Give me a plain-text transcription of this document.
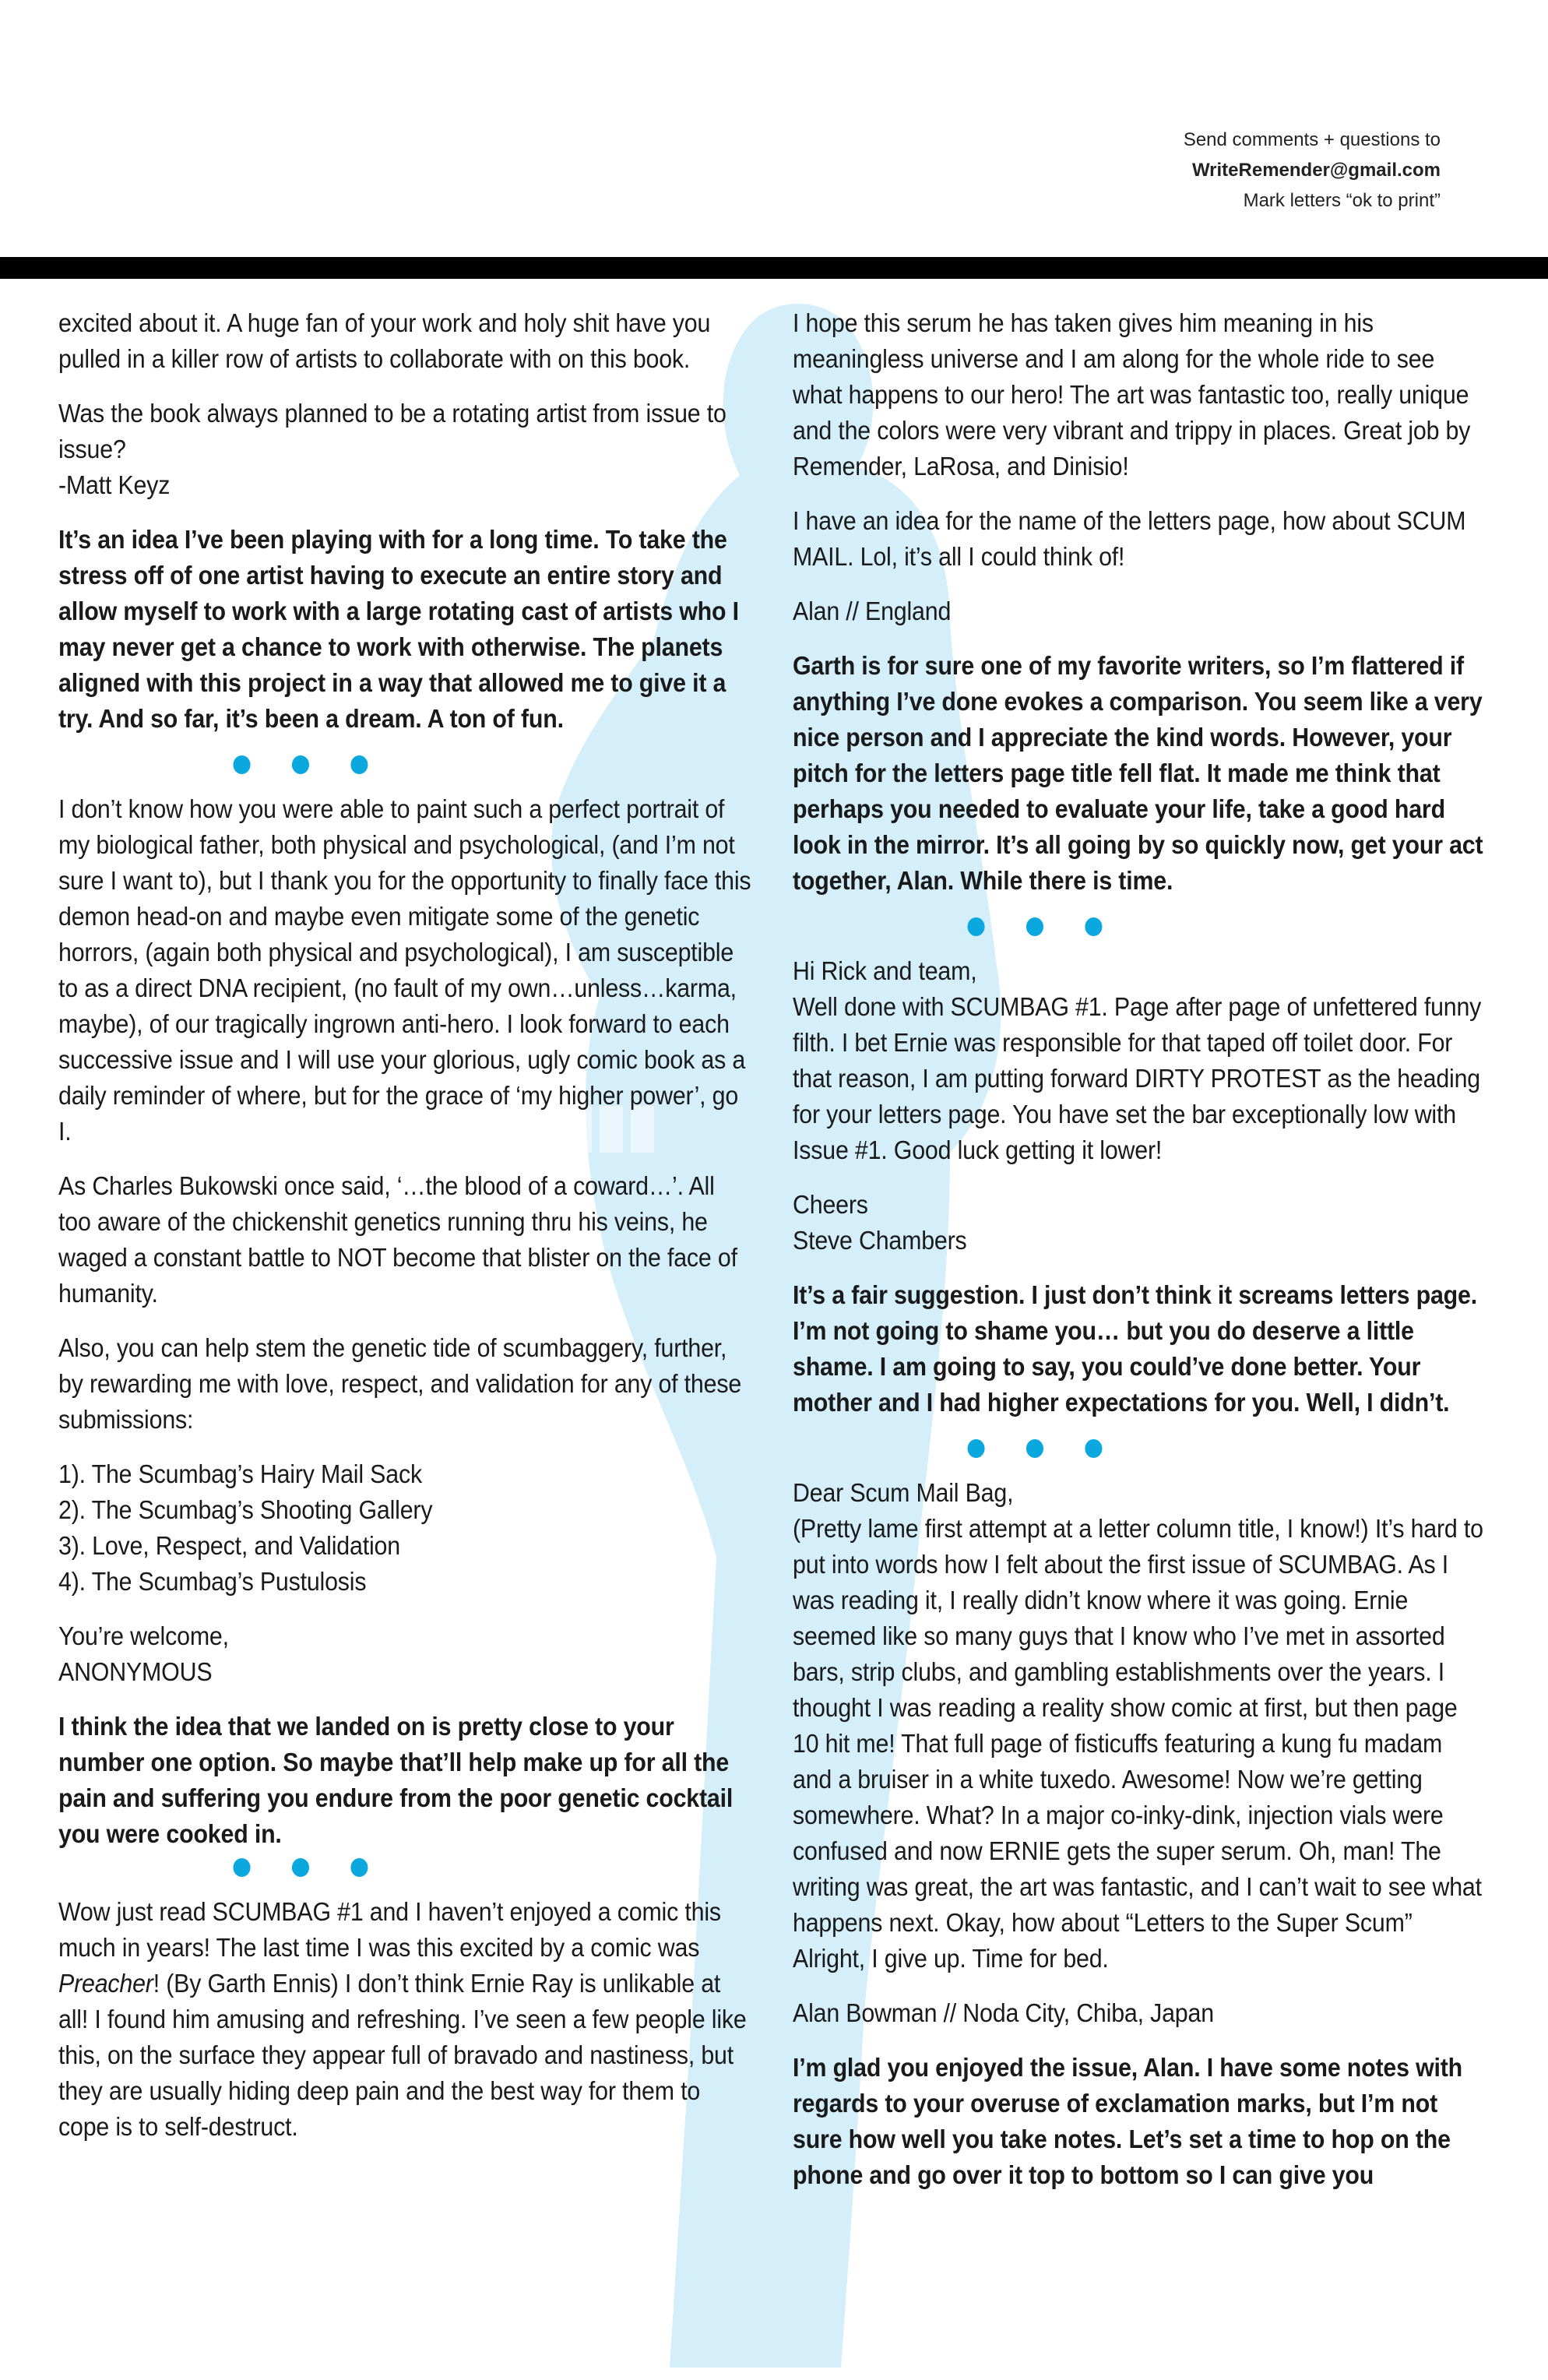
Send comments + questions to
WriteRemender@gmail.com
Mark letters “ok to print”

excited about it. A huge fan of your work and holy shit have you pulled in a killer row of artists to collaborate with on this book.

Was the book always planned to be a rotating artist from issue to issue?

-Matt Keyz

It’s an idea I’ve been playing with for a long time. To take the stress off of one artist having to execute an entire story and allow myself to work with a large rotating cast of artists who I may never get a chance to work with otherwise. The planets aligned with this project in a way that allowed me to give it a try. And so far, it’s been a dream. A ton of fun.

I don’t know how you were able to paint such a perfect portrait of my biological father, both physical and psychological, (and I’m not sure I want to), but I thank you for the opportunity to finally face this demon head-on and maybe even mitigate some of the genetic horrors, (again both physical and psychological), I am susceptible to as a direct DNA recipient, (no fault of my own…unless…karma, maybe), of our tragically ingrown anti-hero. I look forward to each successive issue and I will use your glorious, ugly comic book as a daily reminder of where, but for the grace of ‘my higher power’, go I.

As Charles Bukowski once said, ‘…the blood of a coward…’. All too aware of the chickenshit genetics running thru his veins, he waged a constant battle to NOT become that blister on the face of humanity.

Also, you can help stem the genetic tide of scumbaggery, further, by rewarding me with love, respect, and validation for any of these submissions:

1). The Scumbag’s Hairy Mail Sack
2). The Scumbag’s Shooting Gallery
3). Love, Respect, and Validation
4). The Scumbag’s Pustulosis

You’re welcome,

ANONYMOUS

I think the idea that we landed on is pretty close to your number one option. So maybe that’ll help make up for all the pain and suffering you endure from the poor genetic cocktail you were cooked in.

Wow just read SCUMBAG #1 and I haven’t enjoyed a comic this much in years! The last time I was this excited by a comic was Preacher! (By Garth Ennis) I don’t think Ernie Ray is unlikable at all! I found him amusing and refreshing. I’ve seen a few people like this, on the surface they appear full of bravado and nastiness, but they are usually hiding deep pain and the best way for them to cope is to self-destruct.

I hope this serum he has taken gives him meaning in his meaningless universe and I am along for the whole ride to see what happens to our hero! The art was fantastic too, really unique and the colors were very vibrant and trippy in places. Great job by Remender, LaRosa, and Dinisio!

I have an idea for the name of the letters page, how about SCUM MAIL. Lol, it’s all I could think of!

Alan // England

Garth is for sure one of my favorite writers, so I’m flattered if anything I’ve done evokes a comparison. You seem like a very nice person and I appreciate the kind words. However, your pitch for the letters page title fell flat. It made me think that perhaps you needed to evaluate your life, take a good hard look in the mirror. It’s all going by so quickly now, get your act together, Alan. While there is time.

Hi Rick and team,

Well done with SCUMBAG #1. Page after page of unfettered funny filth. I bet Ernie was responsible for that taped off toilet door. For that reason, I am putting forward DIRTY PROTEST as the heading for your letters page. You have set the bar exceptionally low with Issue #1. Good luck getting it lower!

Cheers

Steve Chambers

It’s a fair suggestion. I just don’t think it screams letters page. I’m not going to shame you… but you do deserve a little shame. I am going to say, you could’ve done better. Your mother and I had higher expectations for you. Well, I didn’t.

Dear Scum Mail Bag,

(Pretty lame first attempt at a letter column title, I know!) It’s hard to put into words how I felt about the first issue of SCUMBAG. As I was reading it, I really didn’t know where it was going. Ernie seemed like so many guys that I know who I’ve met in assorted bars, strip clubs, and gambling establishments over the years. I thought I was reading a reality show comic at first, but then page 10 hit me! That full page of fisticuffs featuring a kung fu madam and a bruiser in a white tuxedo. Awesome! Now we’re getting somewhere. What? In a major co-inky-dink, injection vials were confused and now ERNIE gets the super serum. Oh, man! The writing was great, the art was fantastic, and I can’t wait to see what happens next. Okay, how about “Letters to the Super Scum” Alright, I give up. Time for bed.

Alan Bowman // Noda City, Chiba, Japan

I’m glad you enjoyed the issue, Alan. I have some notes with regards to your overuse of exclamation marks, but I’m not sure how well you take notes. Let’s set a time to hop on the phone and go over it top to bottom so I can give you
